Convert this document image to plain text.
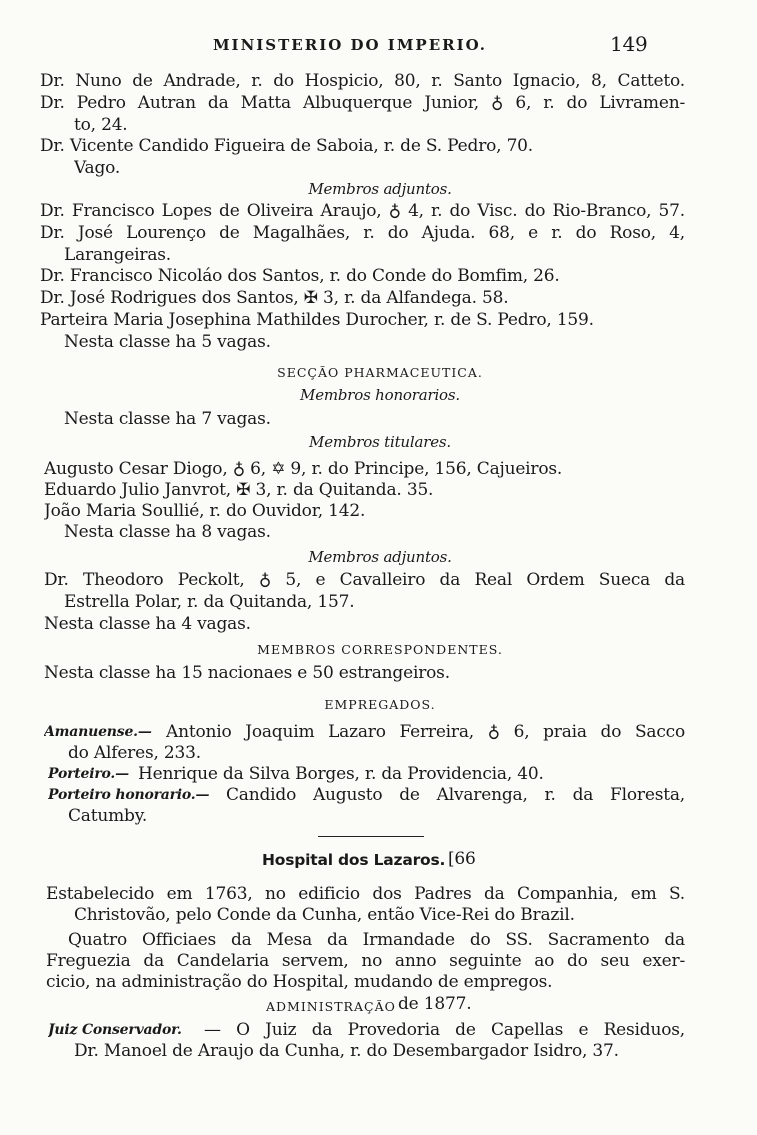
MINISTERIO DO IMPERIO.	149
Dr. Nuno de Andrade, r. do Hospicio, 80, r. Santo Ignacio, 8, Catteto.
Dr. Pedro Autran da Matta Albuquerque Junior, ♁ 6, r. do Livramen-
to, 24.
Dr. Vicente Candido Figueira de Saboia, r. de S. Pedro, 70.
Vago.
Membros adjuntos.
Dr. Francisco Lopes de Oliveira Araujo, ♁ 4, r. do Visc. do Rio-Branco, 57.
Dr. José Lourenço de Magalhães, r. do Ajuda. 68, e r. do Roso, 4,
Larangeiras.
Dr. Francisco Nicoláo dos Santos, r. do Conde do Bomfim, 26.
Dr. José Rodrigues dos Santos, ✠ 3, r. da Alfandega. 58.
Parteira Maria Josephina Mathildes Durocher, r. de S. Pedro, 159.
Nesta classe ha 5 vagas.
SECÇÃO PHARMACEUTICA.
Membros honorarios.
Nesta classe ha 7 vagas.
Membros titulares.
Augusto Cesar Diogo, ♁ 6, ✡ 9, r. do Principe, 156, Cajueiros.
Eduardo Julio Janvrot, ✠ 3, r. da Quitanda. 35.
João Maria Soullié, r. do Ouvidor, 142.
Nesta classe ha 8 vagas.
Membros adjuntos.
Dr. Theodoro Peckolt, ♁ 5, e Cavalleiro da Real Ordem Sueca da
Estrella Polar, r. da Quitanda, 157.
Nesta classe ha 4 vagas.
MEMBROS CORRESPONDENTES.
Nesta classe ha 15 nacionaes e 50 estrangeiros.
EMPREGADOS.
Amanuense.— Antonio Joaquim Lazaro Ferreira, ♁ 6, praia do Sacco
do Alferes, 233.
Porteiro.— Henrique da Silva Borges, r. da Providencia, 40.
Porteiro honorario.— Candido Augusto de Alvarenga, r. da Floresta,
Catumby.
Hospital dos Lazaros. [66
Estabelecido em 1763, no edificio dos Padres da Companhia, em S.
Christovão, pelo Conde da Cunha, então Vice-Rei do Brazil.
Quatro Officiaes da Mesa da Irmandade do SS. Sacramento da
Freguezia da Candelaria servem, no anno seguinte ao do seu exer-
cicio, na administração do Hospital, mudando de empregos.
ADMINISTRAÇÃO de 1877.
Juiz Conservador.	— O Juiz da Provedoria de Capellas e Residuos,
Dr. Manoel de Araujo da Cunha, r. do Desembargador Isidro, 37.
